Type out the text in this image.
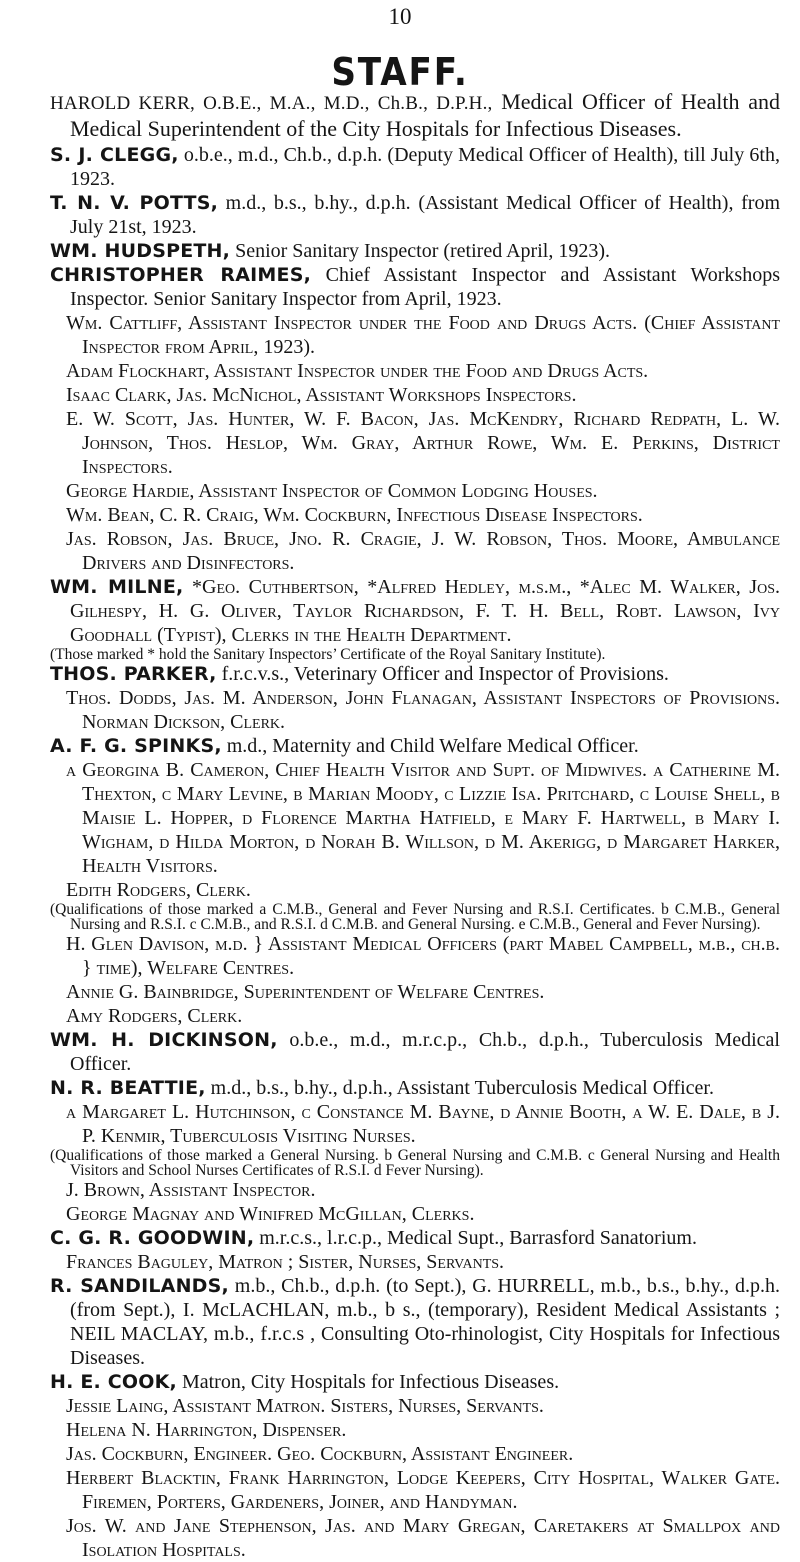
10
STAFF.

HAROLD KERR, O.B.E., M.A., M.D., Ch.B., D.P.H., Medical Officer of Health and Medical Superintendent of the City Hospitals for Infectious Diseases.

S. J. CLEGG, o.b.e., m.d., Ch.b., d.p.h. (Deputy Medical Officer of Health), till July 6th, 1923.

T. N. V. POTTS, m.d., b.s., b.hy., d.p.h. (Assistant Medical Officer of Health), from July 21st, 1923.

WM. HUDSPETH, Senior Sanitary Inspector (retired April, 1923).

CHRISTOPHER RAIMES, Chief Assistant Inspector and Assistant Workshops Inspector. Senior Sanitary Inspector from April, 1923.

Wm. Cattliff, Assistant Inspector under the Food and Drugs Acts. (Chief Assistant Inspector from April, 1923).

Adam Flockhart, Assistant Inspector under the Food and Drugs Acts.

Isaac Clark, Jas. McNichol, Assistant Workshops Inspectors.

E. W. Scott, Jas. Hunter, W. F. Bacon, Jas. McKendry, Richard Redpath, L. W. Johnson, Thos. Heslop, Wm. Gray, Arthur Rowe, Wm. E. Perkins, District Inspectors.

George Hardie, Assistant Inspector of Common Lodging Houses.

Wm. Bean, C. R. Craig, Wm. Cockburn, Infectious Disease Inspectors.

Jas. Robson, Jas. Bruce, Jno. R. Cragie, J. W. Robson, Thos. Moore, Ambulance Drivers and Disinfectors.

WM. MILNE, *Geo. Cuthbertson, *Alfred Hedley, m.s.m., *Alec M. Walker, Jos. Gilhespy, H. G. Oliver, Taylor Richardson, F. T. H. Bell, Robt. Lawson, Ivy Goodhall (Typist), Clerks in the Health Department.

(Those marked * hold the Sanitary Inspectors’ Certificate of the Royal Sanitary Institute).

THOS. PARKER, f.r.c.v.s., Veterinary Officer and Inspector of Provisions.

Thos. Dodds, Jas. M. Anderson, John Flanagan, Assistant Inspectors of Provisions. Norman Dickson, Clerk.

A. F. G. SPINKS, m.d., Maternity and Child Welfare Medical Officer.

a Georgina B. Cameron, Chief Health Visitor and Supt. of Midwives. a Catherine M. Thexton, c Mary Levine, b Marian Moody, c Lizzie Isa. Pritchard, c Louise Shell, b Maisie L. Hopper, d Florence Martha Hatfield, e Mary F. Hartwell, b Mary I. Wigham, d Hilda Morton, d Norah B. Willson, d M. Akerigg, d Margaret Harker, Health Visitors.

Edith Rodgers, Clerk.

(Qualifications of those marked a C.M.B., General and Fever Nursing and R.S.I. Certificates. b C.M.B., General Nursing and R.S.I. c C.M.B., and R.S.I. d C.M.B. and General Nursing. e C.M.B., General and Fever Nursing).

H. Glen Davison, m.d. } Assistant Medical Officers (part Mabel Campbell, m.b., ch.b. } time), Welfare Centres.

Annie G. Bainbridge, Superintendent of Welfare Centres.

Amy Rodgers, Clerk.

WM. H. DICKINSON, o.b.e., m.d., m.r.c.p., Ch.b., d.p.h., Tuberculosis Medical Officer.

N. R. BEATTIE, m.d., b.s., b.hy., d.p.h., Assistant Tuberculosis Medical Officer.

a Margaret L. Hutchinson, c Constance M. Bayne, d Annie Booth, a W. E. Dale, b J. P. Kenmir, Tuberculosis Visiting Nurses.

(Qualifications of those marked a General Nursing. b General Nursing and C.M.B. c General Nursing and Health Visitors and School Nurses Certificates of R.S.I. d Fever Nursing).

J. Brown, Assistant Inspector.

George Magnay and Winifred McGillan, Clerks.

C. G. R. GOODWIN, m.r.c.s., l.r.c.p., Medical Supt., Barrasford Sanatorium.

Frances Baguley, Matron ; Sister, Nurses, Servants.

R. SANDILANDS, m.b., Ch.b., d.p.h. (to Sept.), G. HURRELL, m.b., b.s., b.hy., d.p.h. (from Sept.), I. McLACHLAN, m.b., b s., (temporary), Resident Medical Assistants ; NEIL MACLAY, m.b., f.r.c.s , Consulting Oto-rhinologist, City Hospitals for Infectious Diseases.

H. E. COOK, Matron, City Hospitals for Infectious Diseases.

Jessie Laing, Assistant Matron. Sisters, Nurses, Servants.

Helena N. Harrington, Dispenser.

Jas. Cockburn, Engineer. Geo. Cockburn, Assistant Engineer.

Herbert Blacktin, Frank Harrington, Lodge Keepers, City Hospital, Walker Gate. Firemen, Porters, Gardeners, Joiner, and Handyman.

Jos. W. and Jane Stephenson, Jas. and Mary Gregan, Caretakers at Smallpox and Isolation Hospitals.
